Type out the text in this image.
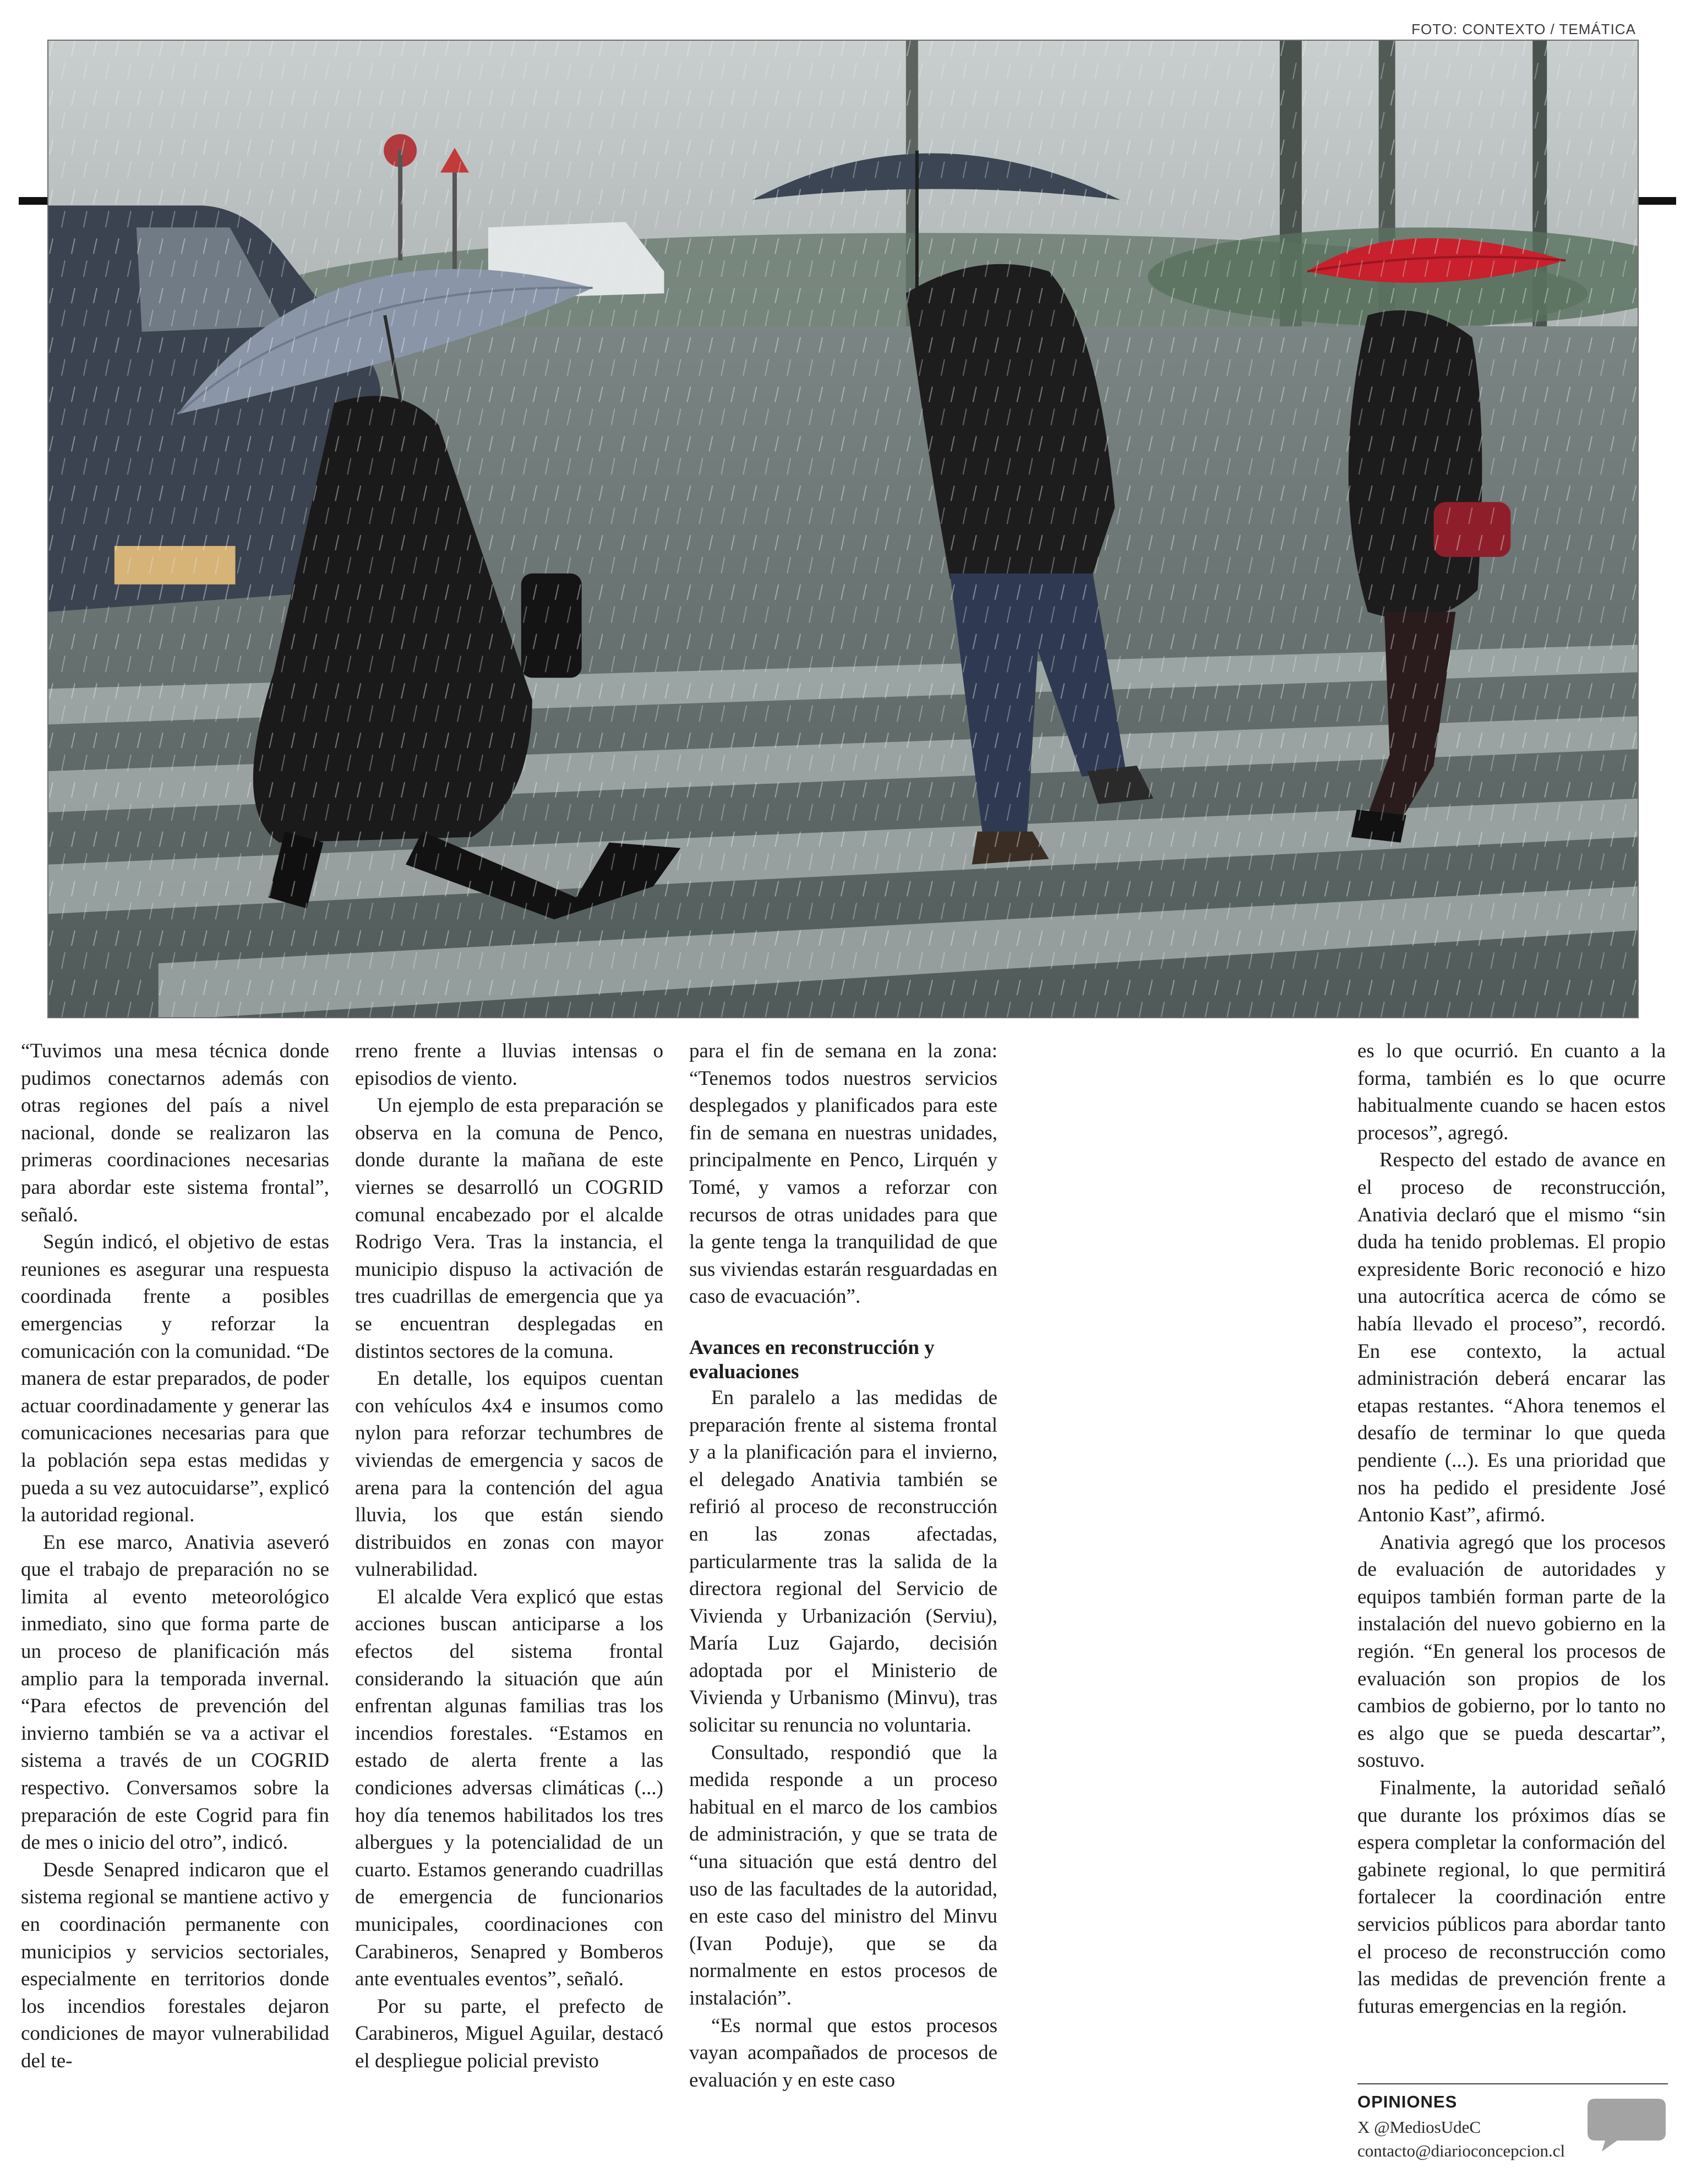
FOTO: CONTEXTO / TEMÁTICA

“Tuvimos una mesa técnica donde pudimos conectarnos además con otras regiones del país a nivel nacional, donde se realizaron las primeras coordinaciones necesarias para abordar este sistema frontal”, señaló.

Según indicó, el objetivo de estas reuniones es asegurar una respuesta coordinada frente a posibles emergencias y reforzar la comunicación con la comunidad. “De manera de estar preparados, de poder actuar coordinadamente y generar las comunicaciones necesarias para que la población sepa estas medidas y pueda a su vez autocuidarse”, explicó la autoridad regional.

En ese marco, Anativia aseveró que el trabajo de preparación no se limita al evento meteorológico inmediato, sino que forma parte de un proceso de planificación más amplio para la temporada invernal. “Para efectos de prevención del invierno también se va a activar el sistema a través de un COGRID respectivo. Conversamos sobre la preparación de este Cogrid para fin de mes o inicio del otro”, indicó.

Desde Senapred indicaron que el sistema regional se mantiene activo y en coordinación permanente con municipios y servicios sectoriales, especialmente en territorios donde los incendios forestales dejaron condiciones de mayor vulnerabilidad del te-

rreno frente a lluvias intensas o episodios de viento.

Un ejemplo de esta preparación se observa en la comuna de Penco, donde durante la mañana de este viernes se desarrolló un COGRID comunal encabezado por el alcalde Rodrigo Vera. Tras la instancia, el municipio dispuso la activación de tres cuadrillas de emergencia que ya se encuentran desplegadas en distintos sectores de la comuna.

En detalle, los equipos cuentan con vehículos 4x4 e insumos como nylon para reforzar techumbres de viviendas de emergencia y sacos de arena para la contención del agua lluvia, los que están siendo distribuidos en zonas con mayor vulnerabilidad.

El alcalde Vera explicó que estas acciones buscan anticiparse a los efectos del sistema frontal considerando la situación que aún enfrentan algunas familias tras los incendios forestales. “Estamos en estado de alerta frente a las condiciones adversas climáticas (...) hoy día tenemos habilitados los tres albergues y la potencialidad de un cuarto. Estamos generando cuadrillas de emergencia de funcionarios municipales, coordinaciones con Carabineros, Senapred y Bomberos ante eventuales eventos”, señaló.

Por su parte, el prefecto de Carabineros, Miguel Aguilar, destacó el despliegue policial previsto

para el fin de semana en la zona: “Tenemos todos nuestros servicios desplegados y planificados para este fin de semana en nuestras unidades, principalmente en Penco, Lirquén y Tomé, y vamos a reforzar con recursos de otras unidades para que la gente tenga la tranquilidad de que sus viviendas estarán resguardadas en caso de evacuación”.

Avances en reconstrucción y evaluaciones

En paralelo a las medidas de preparación frente al sistema frontal y a la planificación para el invierno, el delegado Anativia también se refirió al proceso de reconstrucción en las zonas afectadas, particularmente tras la salida de la directora regional del Servicio de Vivienda y Urbanización (Serviu), María Luz Gajardo, decisión adoptada por el Ministerio de Vivienda y Urbanismo (Minvu), tras solicitar su renuncia no voluntaria.

Consultado, respondió que la medida responde a un proceso habitual en el marco de los cambios de administración, y que se trata de “una situación que está dentro del uso de las facultades de la autoridad, en este caso del ministro del Minvu (Ivan Poduje), que se da normalmente en estos procesos de instalación”.

“Es normal que estos procesos vayan acompañados de procesos de evaluación y en este caso

es lo que ocurrió. En cuanto a la forma, también es lo que ocurre habitualmente cuando se hacen estos procesos”, agregó.

Respecto del estado de avance en el proceso de reconstrucción, Anativia declaró que el mismo “sin duda ha tenido problemas. El propio expresidente Boric reconoció e hizo una autocrítica acerca de cómo se había llevado el proceso”, recordó. En ese contexto, la actual administración deberá encarar las etapas restantes. “Ahora tenemos el desafío de terminar lo que queda pendiente (...). Es una prioridad que nos ha pedido el presidente José Antonio Kast”, afirmó.

Anativia agregó que los procesos de evaluación de autoridades y equipos también forman parte de la instalación del nuevo gobierno en la región. “En general los procesos de evaluación son propios de los cambios de gobierno, por lo tanto no es algo que se pueda descartar”, sostuvo.

Finalmente, la autoridad señaló que durante los próximos días se espera completar la conformación del gabinete regional, lo que permitirá fortalecer la coordinación entre servicios públicos para abordar tanto el proceso de reconstrucción como las medidas de prevención frente a futuras emergencias en la región.

OPINIONES
X @MediosUdeC
contacto@diarioconcepcion.cl
